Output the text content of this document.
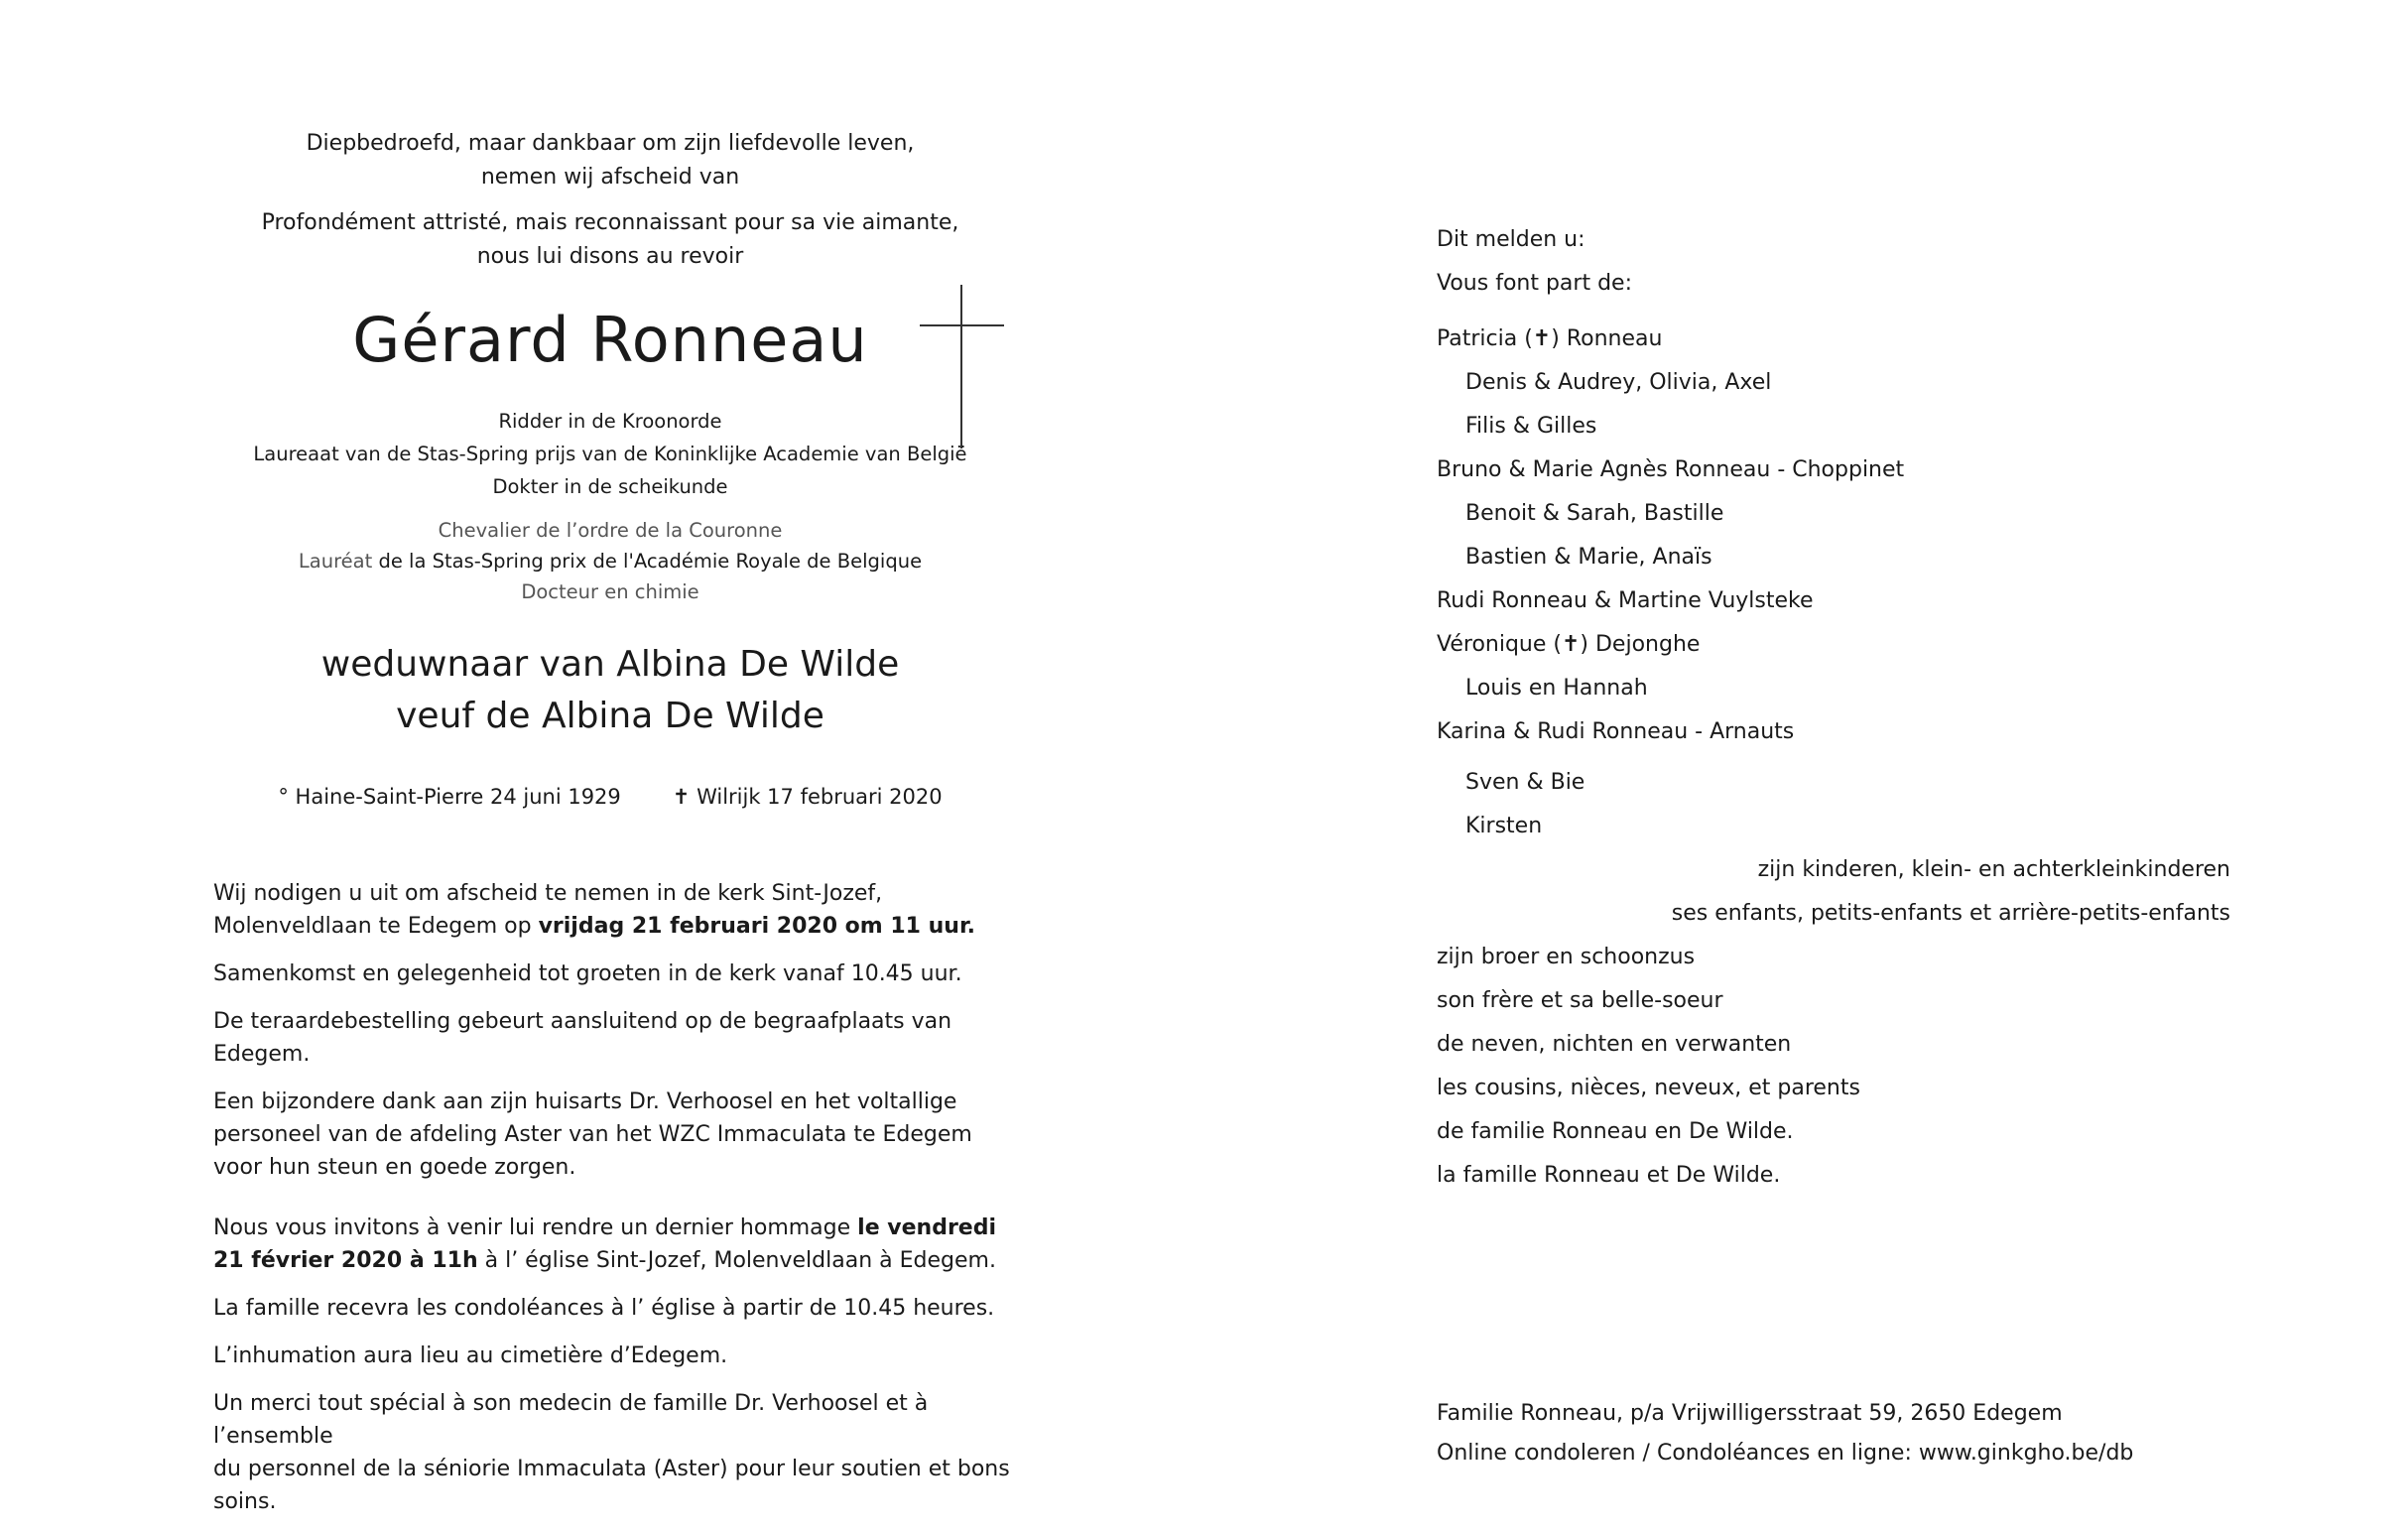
Diepbedroefd, maar dankbaar om zijn liefdevolle leven,
nemen wij afscheid van
Profondément attristé, mais reconnaissant pour sa vie aimante,
nous lui disons au revoir
Gérard Ronneau
Ridder in de Kroonorde
Laureaat van de Stas-Spring prijs van de Koninklijke Academie van België
Dokter in de scheikunde
Chevalier de l’ordre de la Couronne
Lauréat de la Stas-Spring prix de l'Académie Royale de Belgique
Docteur en chimie
weduwnaar van Albina De Wilde
veuf de Albina De Wilde
° Haine-Saint-Pierre 24 juni 1929 ✝ Wilrijk 17 februari 2020

Wij nodigen u uit om afscheid te nemen in de kerk Sint-Jozef, Molenveldlaan te Edegem op vrijdag 21 februari 2020 om 11 uur.

Samenkomst en gelegenheid tot groeten in de kerk vanaf 10.45 uur.

De teraardebestelling gebeurt aansluitend op de begraafplaats van Edegem.

Een bijzondere dank aan zijn huisarts Dr. Verhoosel en het voltallige personeel van de afdeling Aster van het WZC Immaculata te Edegem voor hun steun en goede zorgen.

Nous vous invitons à venir lui rendre un dernier hommage le vendredi
21 février 2020 à 11h à l’ église Sint-Jozef, Molenveldlaan à Edegem.

La famille recevra les condoléances à l’ église à partir de 10.45 heures.

L’inhumation aura lieu au cimetière d’Edegem.

Un merci tout spécial à son medecin de famille Dr. Verhoosel et à l’ensemble
du personnel de la séniorie Immaculata (Aster) pour leur soutien et bons soins.

Dit melden u:
Vous font part de:
Patricia (✝) Ronneau
Denis & Audrey, Olivia, Axel
Filis & Gilles
Bruno & Marie Agnès Ronneau - Choppinet
Benoit & Sarah, Bastille
Bastien & Marie, Anaïs
Rudi Ronneau & Martine Vuylsteke
Véronique (✝) Dejonghe
Louis en Hannah
Karina & Rudi Ronneau - Arnauts
Sven & Bie
Kirsten
zijn kinderen, klein- en achterkleinkinderen
ses enfants, petits-enfants et arrière-petits-enfants
zijn broer en schoonzus
son frère et sa belle-soeur
de neven, nichten en verwanten
les cousins, nièces, neveux, et parents
de familie Ronneau en De Wilde.
la famille Ronneau et De Wilde.
Familie Ronneau, p/a Vrijwilligersstraat 59, 2650 Edegem
Online condoleren / Condoléances en ligne: www.ginkgho.be/db
